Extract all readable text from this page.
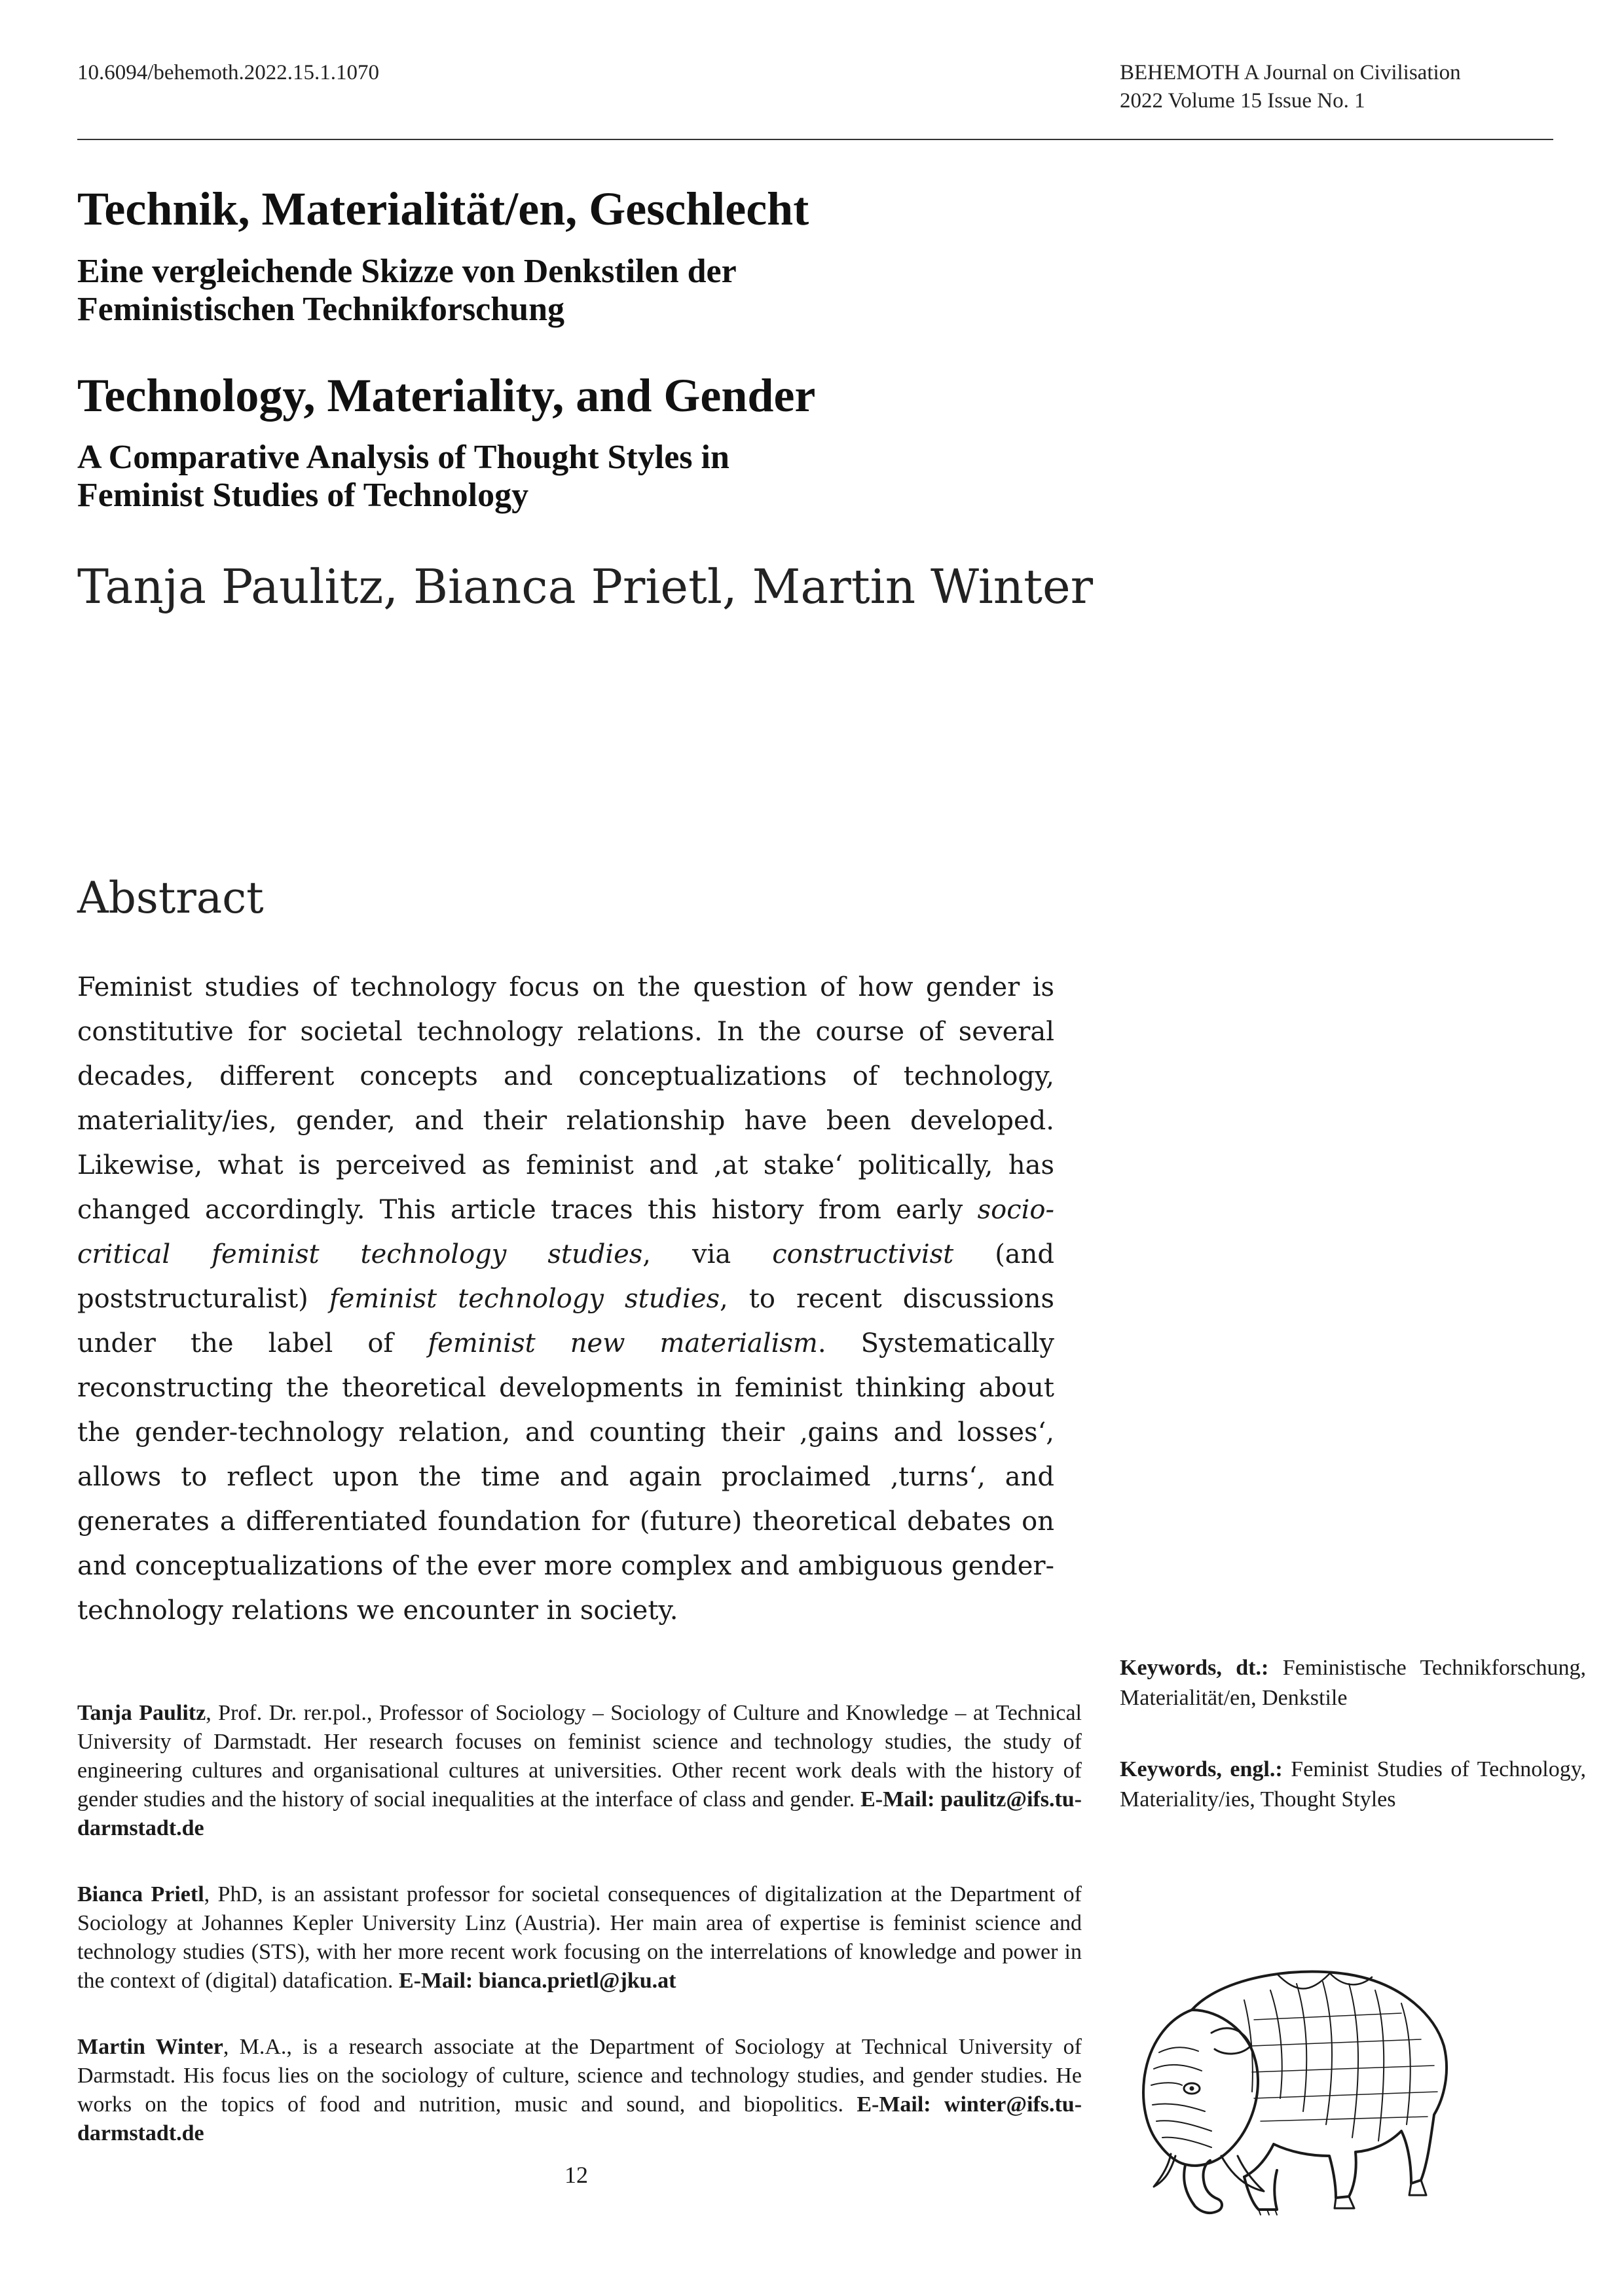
10.6094/behemoth.2022.15.1.1070	BEHEMOTH A Journal on Civilisation
2022 Volume 15 Issue No. 1
Technik, Materialität/en, Geschlecht
Eine vergleichende Skizze von Denkstilen der
Feministischen Technikforschung
Technology, Materiality, and Gender
A Comparative Analysis of Thought Styles in
Feminist Studies of Technology
Tanja Paulitz, Bianca Prietl, Martin Winter
Abstract

Feminist studies of technology focus on the question of how gender is constitutive for societal technology relations. In the course of several decades, different concepts and conceptualizations of technology, materiality/ies, gender, and their relationship have been developed. Likewise, what is perceived as feminist and ‚at stake‘ politically, has changed accordingly. This article traces this history from early socio-critical feminist technology studies, via constructivist (and poststructuralist) feminist technology studies, to recent discussions under the label of feminist new materialism. Systematically reconstructing the theoretical developments in feminist thinking about the gender-technology relation, and counting their ‚gains and losses‘, allows to reflect upon the time and again proclaimed ‚turns‘, and generates a differentiated foundation for (future) theoretical debates on and conceptualizations of the ever more complex and ambiguous gender-technology relations we encounter in society.

Tanja Paulitz, Prof. Dr. rer.pol., Professor of Sociology – Sociology of Culture and Knowledge – at Technical University of Darmstadt. Her research focuses on feminist science and technology studies, the study of engineering cultures and organisational cultures at universities. Other recent work deals with the history of gender studies and the history of social inequalities at the interface of class and gender. E-Mail: paulitz@ifs.tu-darmstadt.de

Bianca Prietl, PhD, is an assistant professor for societal consequences of digitalization at the Department of Sociology at Johannes Kepler University Linz (Austria). Her main area of expertise is feminist science and technology studies (STS), with her more recent work focusing on the interrelations of knowledge and power in the context of (digital) datafication. E-Mail: bianca.prietl@jku.at

Martin Winter, M.A., is a research associate at the Department of Sociology at Technical University of Darmstadt. His focus lies on the sociology of culture, science and technology studies, and gender studies. He works on the topics of food and nutrition, music and sound, and biopolitics. E-Mail: winter@ifs.tu-darmstadt.de

Keywords, dt.: Feministische Technikforschung, Materialität/en, Denkstile

Keywords, engl.: Feminist Studies of Technology, Materiality/ies, Thought Styles

12
